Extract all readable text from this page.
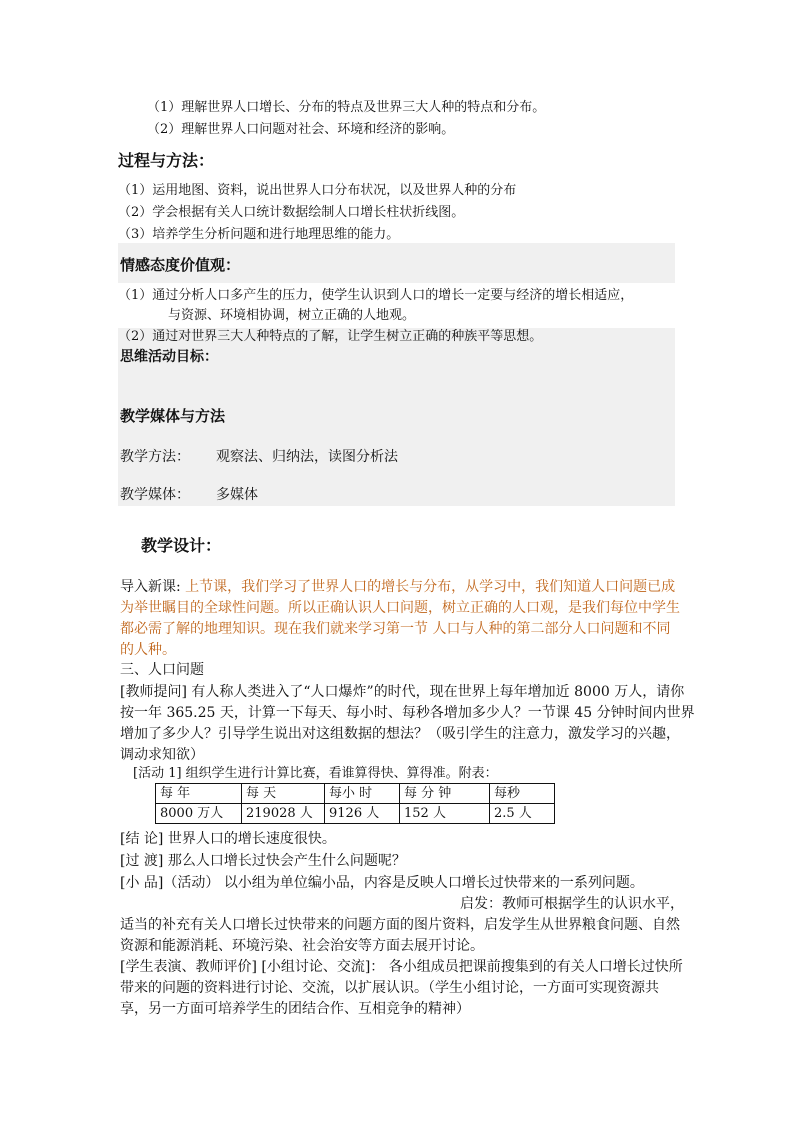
（1）理解世界人口增长、分布的特点及世界三大人种的特点和分布。
（2）理解世界人口问题对社会、环境和经济的影响。
过程与方法：
（1）运用地图、资料，说出世界人口分布状况，以及世界人种的分布
（2）学会根据有关人口统计数据绘制人口增长柱状折线图。
（3）培养学生分析问题和进行地理思维的能力。
情感态度价值观：
（1）通过分析人口多产生的压力，使学生认识到人口的增长一定要与经济的增长相适应，
与资源、环境相协调，树立正确的人地观。
（2）通过对世界三大人种特点的了解，让学生树立正确的种族平等思想。
思维活动目标：
教学媒体与方法
教学方法： 观察法、归纳法，读图分析法
教学媒体： 多媒体
教学设计：
导入新课: 上节课，我们学习了世界人口的增长与分布，从学习中，我们知道人口问题已成
为举世瞩目的全球性问题。所以正确认识人口问题，树立正确的人口观，是我们每位中学生
都必需了解的地理知识。现在我们就来学习第一节 人口与人种的第二部分人口问题和不同
的人种。
三、人口问题
[教师提问] 有人称人类进入了“人口爆炸”的时代，现在世界上每年增加近 8000 万人，请你
按一年 365.25 天，计算一下每天、每小时、每秒各增加多少人？一节课 45 分钟时间内世界
增加了多少人？引导学生说出对这组数据的想法？（吸引学生的注意力，激发学习的兴趣，
调动求知欲）
[活动 1] 组织学生进行计算比赛，看谁算得快、算得准。附表：
每 年	每 天	每小 时	每 分 钟	每秒
8000 万人	219028 人	9126 人	152 人	2.5 人
[结 论] 世界人口的增长速度很快。
[过 渡] 那么人口增长过快会产生什么问题呢？
[小 品]（活动） 以小组为单位编小品，内容是反映人口增长过快带来的一系列问题。
启发：教师可根据学生的认识水平，
适当的补充有关人口增长过快带来的问题方面的图片资料，启发学生从世界粮食问题、自然
资源和能源消耗、环境污染、社会治安等方面去展开讨论。
[学生表演、教师评价] [小组讨论、交流]： 各小组成员把课前搜集到的有关人口增长过快所
带来的问题的资料进行讨论、交流，以扩展认识。（学生小组讨论，一方面可实现资源共
享，另一方面可培养学生的团结合作、互相竞争的精神）
